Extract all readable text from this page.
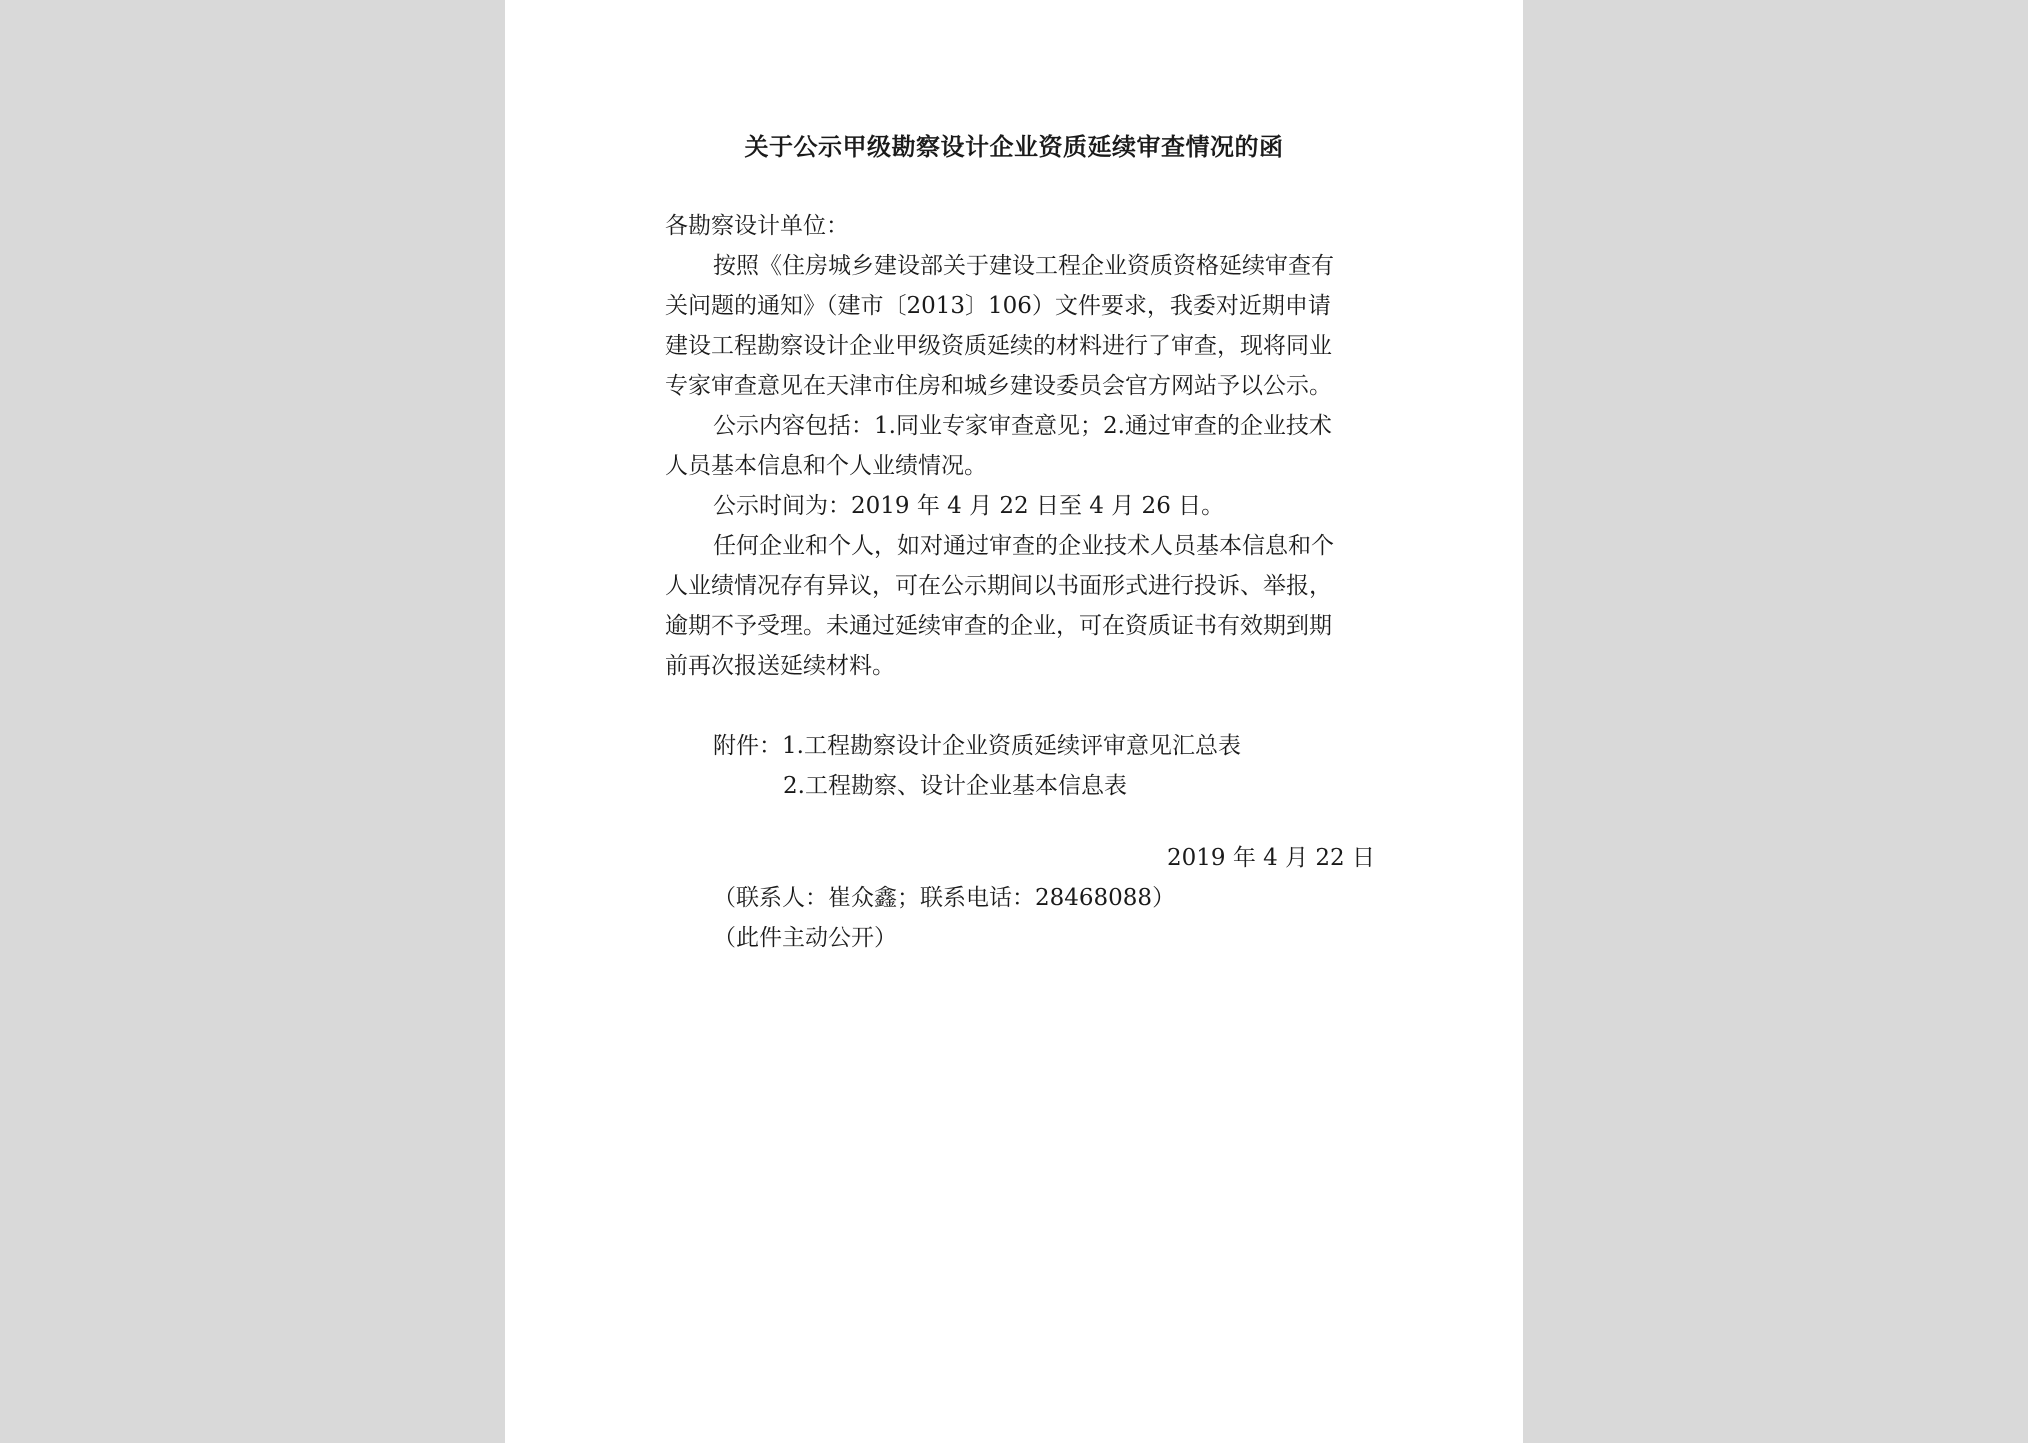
关于公示甲级勘察设计企业资质延续审查情况的函

各勘察设计单位：

按照《住房城乡建设部关于建设工程企业资质资格延续审查有

关问题的通知》（建市〔2013〕106）文件要求，我委对近期申请

建设工程勘察设计企业甲级资质延续的材料进行了审查，现将同业

专家审查意见在天津市住房和城乡建设委员会官方网站予以公示。

公示内容包括：1.同业专家审查意见；2.通过审查的企业技术

人员基本信息和个人业绩情况。

公示时间为：2019 年 4 月 22 日至 4 月 26 日。

任何企业和个人，如对通过审查的企业技术人员基本信息和个

人业绩情况存有异议，可在公示期间以书面形式进行投诉、举报，

逾期不予受理。未通过延续审查的企业，可在资质证书有效期到期

前再次报送延续材料。

附件：1.工程勘察设计企业资质延续评审意见汇总表

2.工程勘察、设计企业基本信息表

2019 年 4 月 22 日

（联系人：崔众鑫；联系电话：28468088）

（此件主动公开）
